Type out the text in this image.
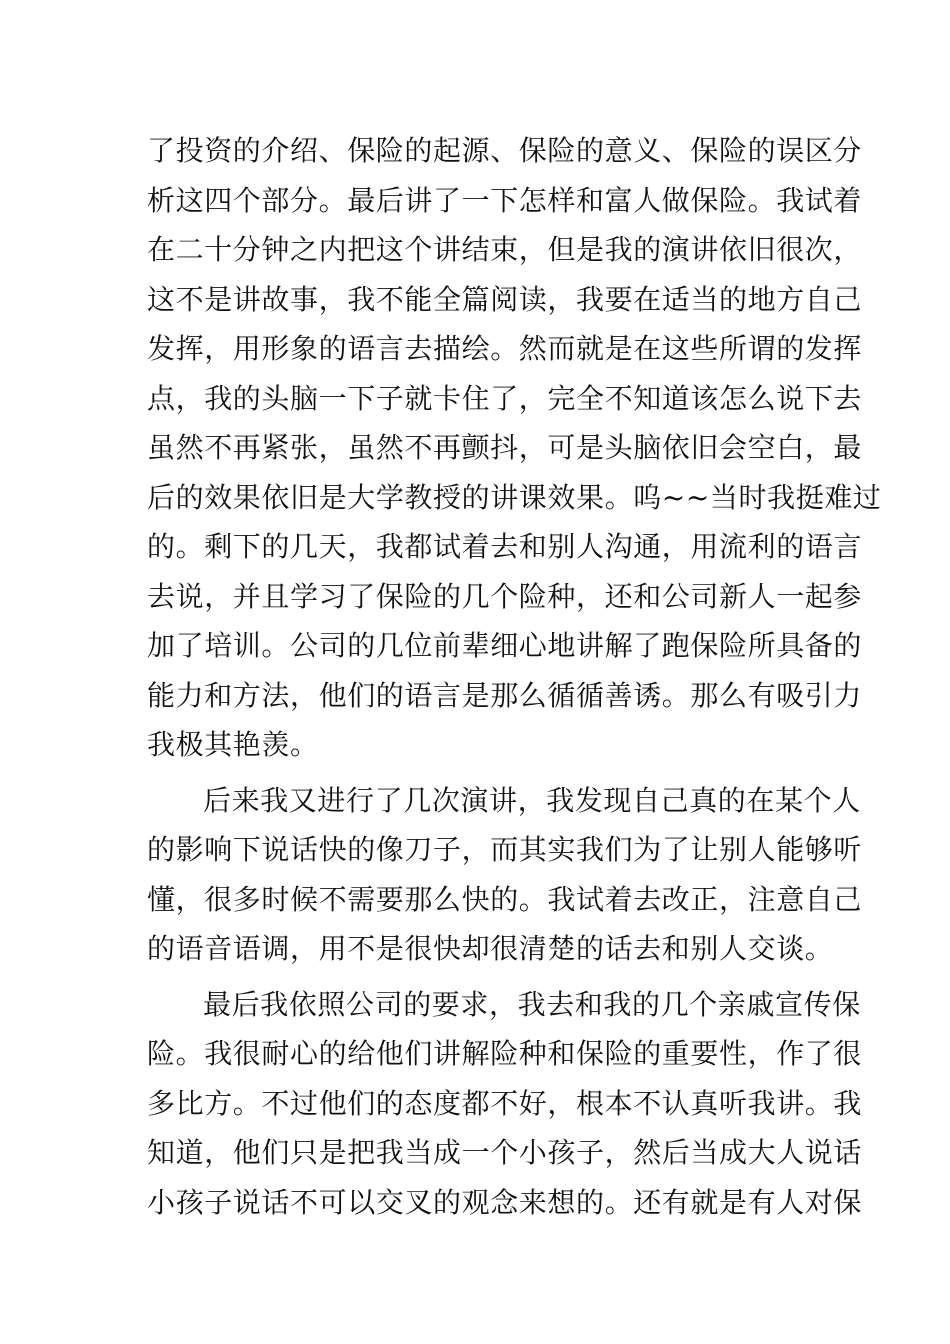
了投资的介绍、保险的起源、保险的意义、保险的误区分
析这四个部分。最后讲了一下怎样和富人做保险。我试着
在二十分钟之内把这个讲结束，但是我的演讲依旧很次，
这不是讲故事，我不能全篇阅读，我要在适当的地方自己
发挥，用形象的语言去描绘。然而就是在这些所谓的发挥
点，我的头脑一下子就卡住了，完全不知道该怎么说下去
虽然不再紧张，虽然不再颤抖，可是头脑依旧会空白，最
后的效果依旧是大学教授的讲课效果。呜~~当时我挺难过
的。剩下的几天，我都试着去和别人沟通，用流利的语言
去说，并且学习了保险的几个险种，还和公司新人一起参
加了培训。公司的几位前辈细心地讲解了跑保险所具备的
能力和方法，他们的语言是那么循循善诱。那么有吸引力
我极其艳羡。
后来我又进行了几次演讲，我发现自己真的在某个人
的影响下说话快的像刀子，而其实我们为了让别人能够听
懂，很多时候不需要那么快的。我试着去改正，注意自己
的语音语调，用不是很快却很清楚的话去和别人交谈。
最后我依照公司的要求，我去和我的几个亲戚宣传保
险。我很耐心的给他们讲解险种和保险的重要性，作了很
多比方。不过他们的态度都不好，根本不认真听我讲。我
知道，他们只是把我当成一个小孩子，然后当成大人说话
小孩子说话不可以交叉的观念来想的。还有就是有人对保
